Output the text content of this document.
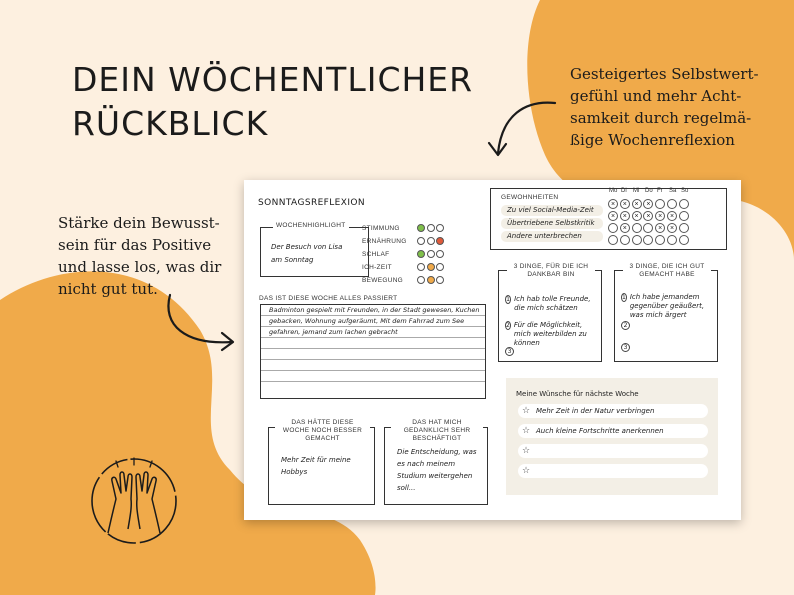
DEIN WÖCHENTLICHER
RÜCKBLICK
Gesteigertes Selbstwert-gefühl und mehr Acht-samkeit durch regelmä-ßige Wochenreflexion
Stärke dein Bewusst-sein für das Positive und lasse los, was dir nicht gut tut.
SONNTAGSREFLEXION
WOCHENHIGHLIGHT
Der Besuch von Lisa am Sonntag
STIMMUNG
ERNÄHRUNG
SCHLAF
ICH-ZEIT
BEWEGUNG
GEWOHNHEITEN
Mo Di Mi Do Fr Sa So
Zu viel Social-Media-Zeit
Übertriebene Selbstkritik
Andere unterbrechen
× × × ×
× × × × × ×
×	× ×
DAS IST DIESE WOCHE ALLES PASSIERT
Badminton gespielt mit Freunden, in der Stadt gewesen, Kuchen
gebacken, Wohnung aufgeräumt, Mit dem Fahrrad zum See
gefahren, jemand zum lachen gebracht
3 DINGE, FÜR DIE ICH DANKBAR BIN
1 Ich hab tolle Freunde, die mich schätzen
2 Für die Möglichkeit, mich weiterbilden zu können
3
3 DINGE, DIE ICH GUT GEMACHT HABE
1 Ich habe jemandem gegenüber geäußert, was mich ärgert
2
3
DAS HÄTTE DIESE WOCHE NOCH BESSER GEMACHT
Mehr Zeit für meine Hobbys
DAS HAT MICH GEDANKLICH SEHR BESCHÄFTIGT
Die Entscheidung, was es nach meinem Studium weitergehen soll...
Meine Wünsche für nächste Woche
☆ Mehr Zeit in der Natur verbringen
☆ Auch kleine Fortschritte anerkennen
☆
☆
